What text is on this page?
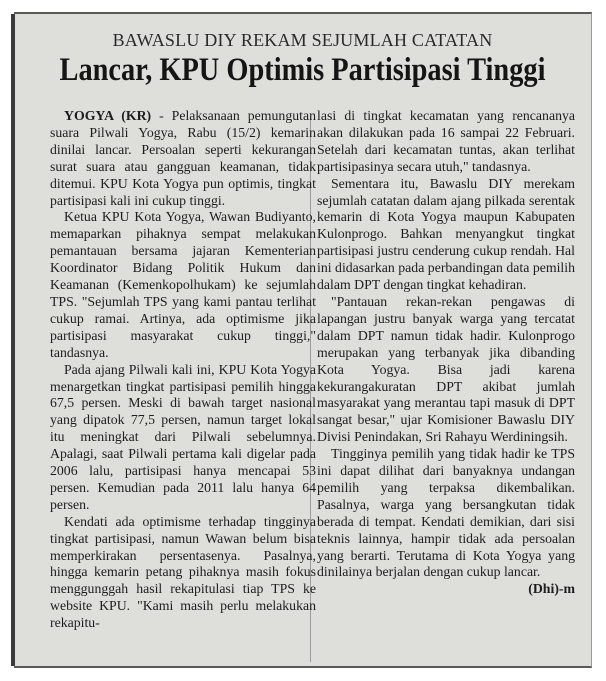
BAWASLU DIY REKAM SEJUMLAH CATATAN
Lancar, KPU Optimis Partisipasi Tinggi

YOGYA (KR) - Pelaksanaan pemungutan suara Pilwali Yogya, Rabu (15/2) kemarin dinilai lancar. Persoalan seperti kekurangan surat suara atau gangguan keamanan, tidak ditemui. KPU Kota Yogya pun optimis, tingkat partisipasi kali ini cukup tinggi.

Ketua KPU Kota Yogya, Wawan Budiyanto, memaparkan pihaknya sempat melakukan pemantauan bersama jajaran Kementerian Koordinator Bidang Politik Hukum dan Keamanan (Kemenkopolhukam) ke sejumlah TPS. "Sejumlah TPS yang kami pantau terlihat cukup ramai. Artinya, ada optimisme jika partisipasi masyarakat cukup tinggi," tandasnya.

Pada ajang Pilwali kali ini, KPU Kota Yogya menargetkan tingkat partisipasi pemilih hingga 67,5 persen. Meski di bawah target nasional yang dipatok 77,5 persen, namun target lokal itu meningkat dari Pilwali sebelumnya. Apalagi, saat Pilwali pertama kali digelar pada 2006 lalu, partisipasi hanya mencapai 53 persen. Kemudian pada 2011 lalu hanya 64 persen.

Kendati ada optimisme terhadap tingginya tingkat partisipasi, namun Wawan belum bisa memperkirakan persentasenya. Pasalnya, hingga kemarin petang pihaknya masih fokus menggunggah hasil rekapitulasi tiap TPS ke website KPU. "Kami masih perlu melakukan rekapitu-

lasi di tingkat kecamatan yang rencananya akan dilakukan pada 16 sampai 22 Februari. Setelah dari kecamatan tuntas, akan terlihat partisipasinya secara utuh," tandasnya.

Sementara itu, Bawaslu DIY merekam sejumlah catatan dalam ajang pilkada serentak kemarin di Kota Yogya maupun Kabupaten Kulonprogo. Bahkan menyangkut tingkat partisipasi justru cenderung cukup rendah. Hal ini didasarkan pada perbandingan data pemilih dalam DPT dengan tingkat kehadiran.

"Pantauan rekan-rekan pengawas di lapangan justru banyak warga yang tercatat dalam DPT namun tidak hadir. Kulonprogo merupakan yang terbanyak jika dibanding Kota Yogya. Bisa jadi karena kekurangakuratan DPT akibat jumlah masyarakat yang merantau tapi masuk di DPT sangat besar," ujar Komisioner Bawaslu DIY Divisi Penindakan, Sri Rahayu Werdiningsih.

Tingginya pemilih yang tidak hadir ke TPS ini dapat dilihat dari banyaknya undangan pemilih yang terpaksa dikembalikan. Pasalnya, warga yang bersangkutan tidak berada di tempat. Kendati demikian, dari sisi teknis lainnya, hampir tidak ada persoalan yang berarti. Terutama di Kota Yogya yang dinilainya berjalan dengan cukup lancar.
(Dhi)-m
